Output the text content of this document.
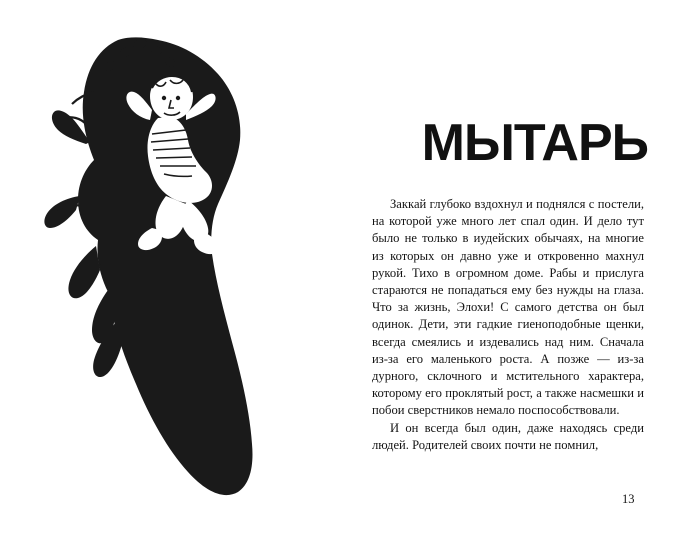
МЫТАРЬ

Заккай глубоко вздохнул и поднялся с постели, на которой уже много лет спал один. И дело тут было не только в иудейских обычаях, на многие из которых он давно уже и откровенно махнул рукой. Тихо в огромном доме. Рабы и прислуга стараются не попадаться ему без нужды на глаза. Что за жизнь, Элохи! С самого детства он был одинок. Дети, эти гадкие гиеноподобные щенки, всегда смеялись и издевались над ним. Сначала из-за его маленького роста. А позже — из-за дурного, склочного и мстительного характера, которому его проклятый рост, а также насмешки и побои сверстников немало поспособствовали.

И он всегда был один, даже находясь среди людей. Родителей своих почти не помнил,

13
